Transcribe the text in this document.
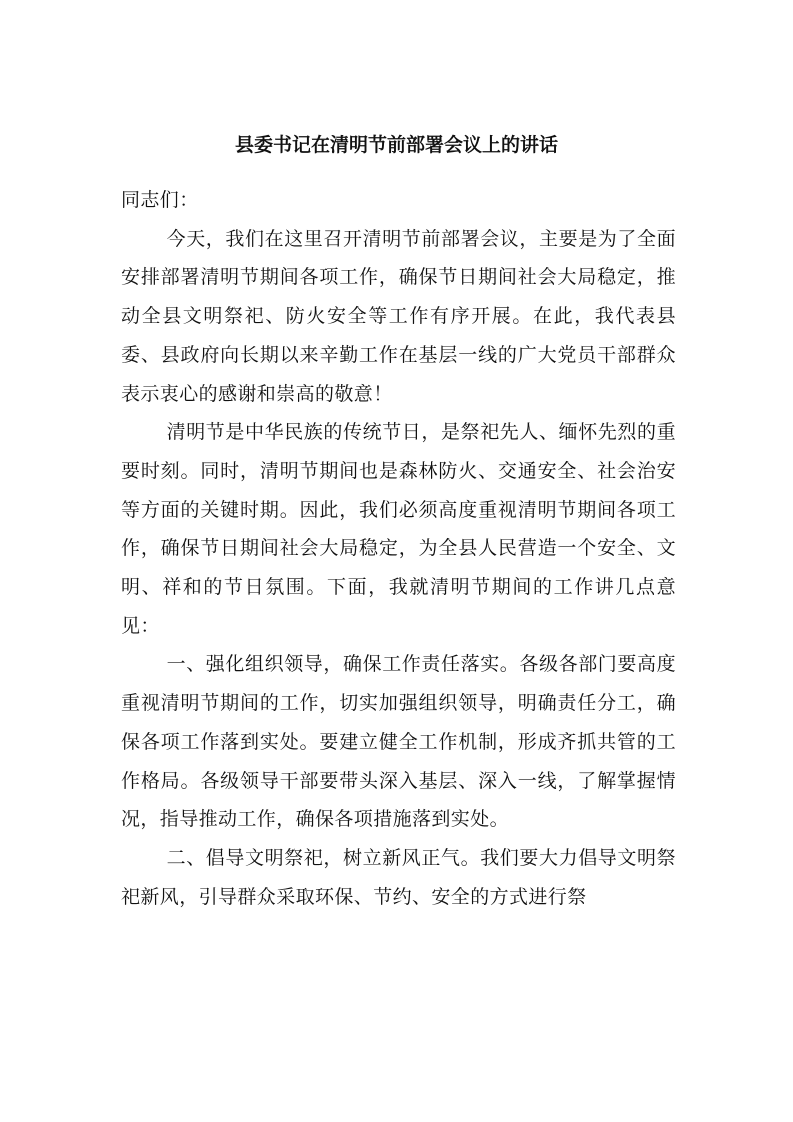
县委书记在清明节前部署会议上的讲话

同志们：

今天，我们在这里召开清明节前部署会议，主要是为了全面安排部署清明节期间各项工作，确保节日期间社会大局稳定，推动全县文明祭祀、防火安全等工作有序开展。在此，我代表县委、县政府向长期以来辛勤工作在基层一线的广大党员干部群众表示衷心的感谢和崇高的敬意！

清明节是中华民族的传统节日，是祭祀先人、缅怀先烈的重要时刻。同时，清明节期间也是森林防火、交通安全、社会治安等方面的关键时期。因此，我们必须高度重视清明节期间各项工作，确保节日期间社会大局稳定，为全县人民营造一个安全、文明、祥和的节日氛围。下面，我就清明节期间的工作讲几点意见：

一、强化组织领导，确保工作责任落实。各级各部门要高度重视清明节期间的工作，切实加强组织领导，明确责任分工，确保各项工作落到实处。要建立健全工作机制，形成齐抓共管的工作格局。各级领导干部要带头深入基层、深入一线，了解掌握情况，指导推动工作，确保各项措施落到实处。

二、倡导文明祭祀，树立新风正气。我们要大力倡导文明祭祀新风，引导群众采取环保、节约、安全的方式进行祭
